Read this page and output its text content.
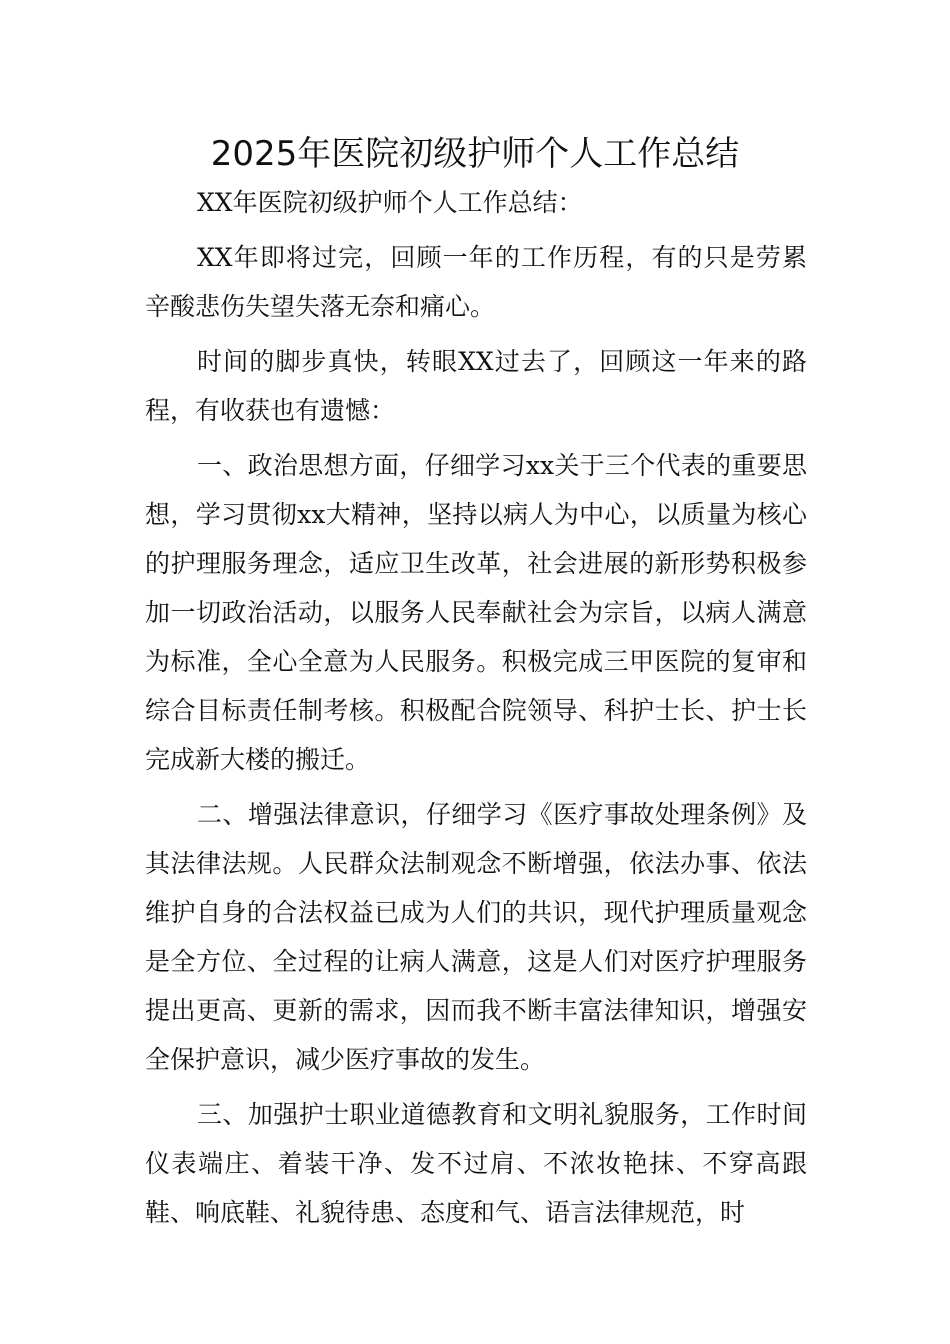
2025年医院初级护师个人工作总结

XX年医院初级护师个人工作总结：

XX年即将过完，回顾一年的工作历程，有的只是劳累辛酸悲伤失望失落无奈和痛心。

时间的脚步真快，转眼XX过去了，回顾这一年来的路程，有收获也有遗憾：

一、政治思想方面，仔细学习xx关于三个代表的重要思想，学习贯彻xx大精神，坚持以病人为中心，以质量为核心的护理服务理念，适应卫生改革，社会进展的新形势积极参加一切政治活动，以服务人民奉献社会为宗旨，以病人满意为标准，全心全意为人民服务。积极完成三甲医院的复审和综合目标责任制考核。积极配合院领导、科护士长、护士长完成新大楼的搬迁。

二、增强法律意识，仔细学习《医疗事故处理条例》及其法律法规。人民群众法制观念不断增强，依法办事、依法维护自身的合法权益已成为人们的共识，现代护理质量观念是全方位、全过程的让病人满意，这是人们对医疗护理服务提出更高、更新的需求，因而我不断丰富法律知识，增强安全保护意识，减少医疗事故的发生。

三、加强护士职业道德教育和文明礼貌服务，工作时间仪表端庄、着装干净、发不过肩、不浓妆艳抹、不穿高跟鞋、响底鞋、礼貌待患、态度和气、语言法律规范，时
